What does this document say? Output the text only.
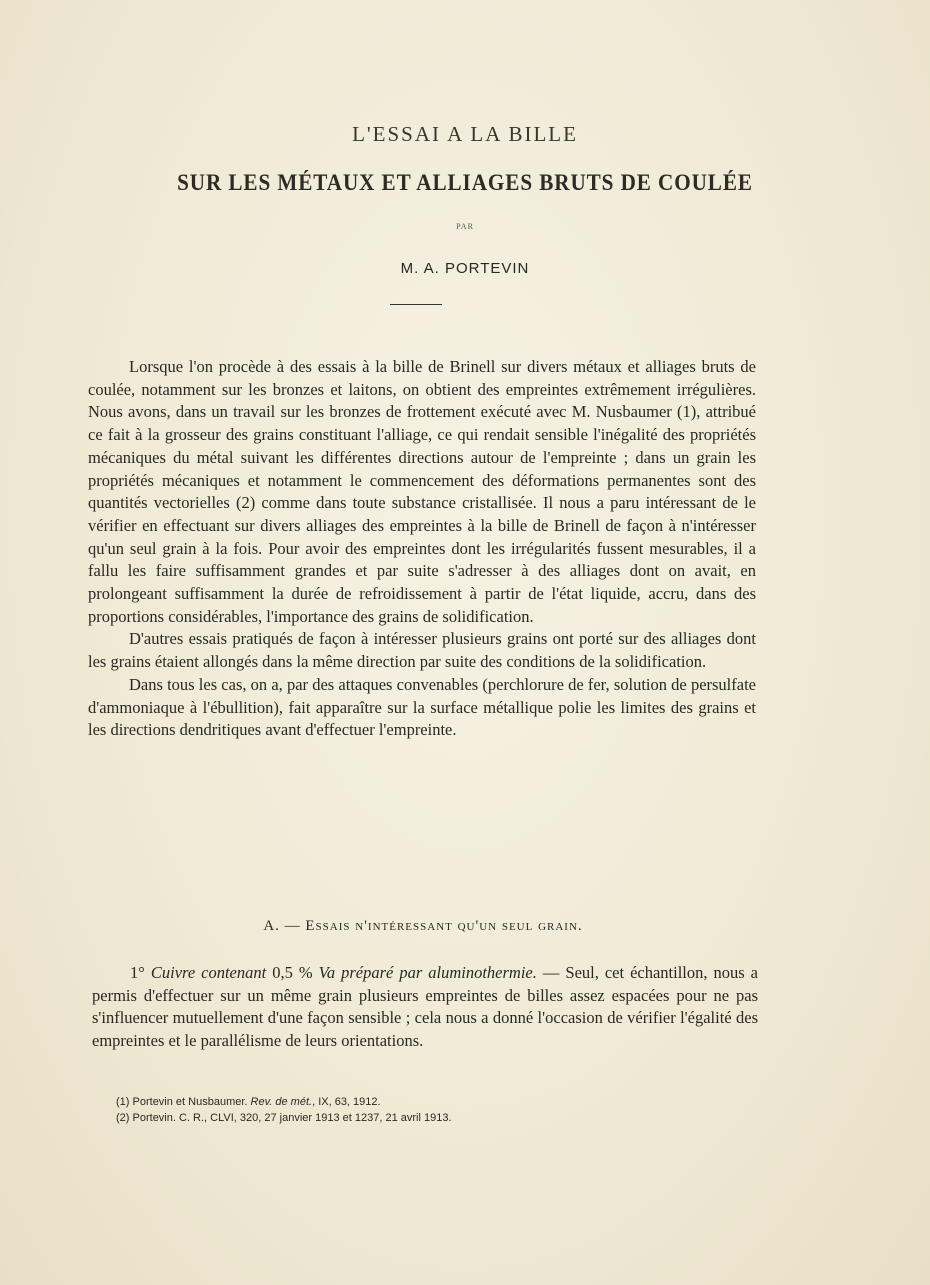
L'ESSAI A LA BILLE
SUR LES MÉTAUX ET ALLIAGES BRUTS DE COULÉE
PAR
M. A. PORTEVIN

Lorsque l'on procède à des essais à la bille de Brinell sur divers métaux et alliages bruts de coulée, notamment sur les bronzes et laitons, on obtient des empreintes extrêmement irrégulières. Nous avons, dans un travail sur les bronzes de frottement exécuté avec M. Nusbaumer (1), attribué ce fait à la grosseur des grains constituant l'alliage, ce qui rendait sensible l'inégalité des propriétés mécaniques du métal suivant les différentes directions autour de l'empreinte ; dans un grain les propriétés mécaniques et notamment le commencement des déformations permanentes sont des quantités vectorielles (2) comme dans toute substance cristallisée. Il nous a paru intéressant de le vérifier en effectuant sur divers alliages des empreintes à la bille de Brinell de façon à n'intéresser qu'un seul grain à la fois. Pour avoir des empreintes dont les irrégularités fussent mesurables, il a fallu les faire suffisamment grandes et par suite s'adresser à des alliages dont on avait, en prolongeant suffisamment la durée de refroidissement à partir de l'état liquide, accru, dans des proportions considérables, l'importance des grains de solidification.

D'autres essais pratiqués de façon à intéresser plusieurs grains ont porté sur des alliages dont les grains étaient allongés dans la même direction par suite des conditions de la solidification.

Dans tous les cas, on a, par des attaques convenables (perchlorure de fer, solution de persulfate d'ammoniaque à l'ébullition), fait apparaître sur la surface métallique polie les limites des grains et les directions dendritiques avant d'effectuer l'empreinte.

A. — Essais n'intéressant qu'un seul grain.

1° Cuivre contenant 0,5 % Va préparé par aluminothermie. — Seul, cet échantillon, nous a permis d'effectuer sur un même grain plusieurs empreintes de billes assez espacées pour ne pas s'influencer mutuellement d'une façon sensible ; cela nous a donné l'occasion de vérifier l'égalité des empreintes et le parallélisme de leurs orientations.

(1) Portevin et Nusbaumer. Rev. de mét., IX, 63, 1912.
(2) Portevin. C. R., CLVI, 320, 27 janvier 1913 et 1237, 21 avril 1913.
